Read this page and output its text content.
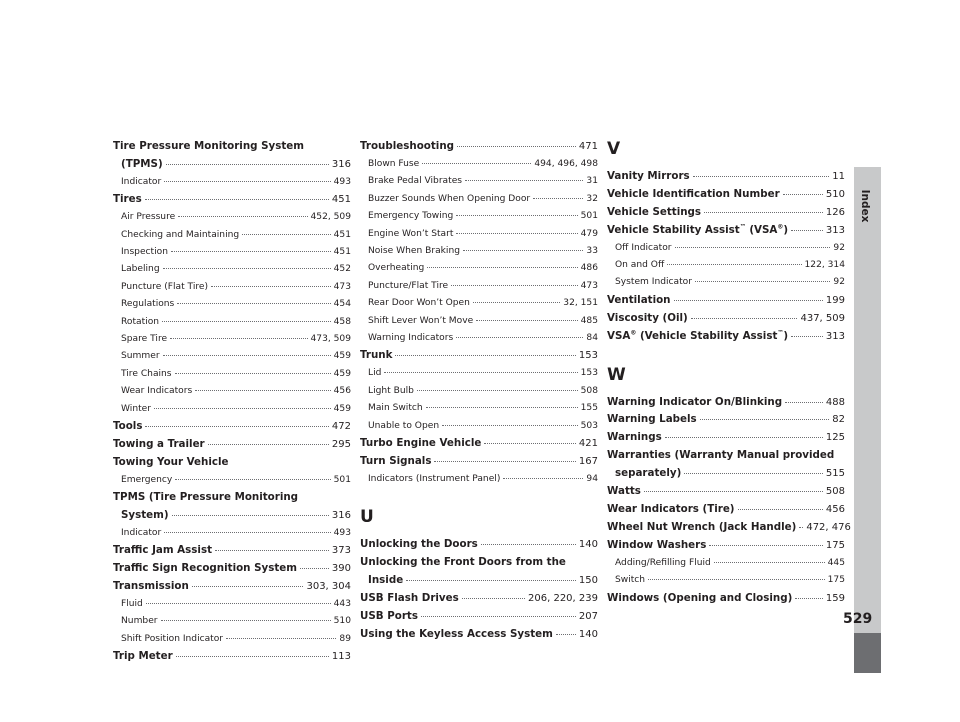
Tire Pressure Monitoring System
(TPMS)	316
Indicator	493
Tires	451
Air Pressure	452, 509
Checking and Maintaining	451
Inspection	451
Labeling	452
Puncture (Flat Tire)	473
Regulations	454
Rotation	458
Spare Tire	473, 509
Summer	459
Tire Chains	459
Wear Indicators	456
Winter	459
Tools	472
Towing a Trailer	295
Towing Your Vehicle
Emergency	501
TPMS (Tire Pressure Monitoring
System)	316
Indicator	493
Traffic Jam Assist	373
Traffic Sign Recognition System	390
Transmission	303, 304
Fluid	443
Number	510
Shift Position Indicator	89
Trip Meter	113
Troubleshooting	471
Blown Fuse	494, 496, 498
Brake Pedal Vibrates	31
Buzzer Sounds When Opening Door	32
Emergency Towing	501
Engine Won’t Start	479
Noise When Braking	33
Overheating	486
Puncture/Flat Tire	473
Rear Door Won’t Open	32, 151
Shift Lever Won’t Move	485
Warning Indicators	84
Trunk	153
Lid	153
Light Bulb	508
Main Switch	155
Unable to Open	503
Turbo Engine Vehicle	421
Turn Signals	167
Indicators (Instrument Panel)	94
U
Unlocking the Doors	140
Unlocking the Front Doors from the
Inside	150
USB Flash Drives	206, 220, 239
USB Ports	207
Using the Keyless Access System	140
V
Vanity Mirrors	11
Vehicle Identification Number	510
Vehicle Settings	126
Vehicle Stability Assist™ (VSA®)	313
Off Indicator	92
On and Off	122, 314
System Indicator	92
Ventilation	199
Viscosity (Oil)	437, 509
VSA® (Vehicle Stability Assist™)	313
W
Warning Indicator On/Blinking	488
Warning Labels	82
Warnings	125
Warranties (Warranty Manual provided
separately)	515
Watts	508
Wear Indicators (Tire)	456
Wheel Nut Wrench (Jack Handle) 472, 476
Window Washers	175
Adding/Refilling Fluid	445
Switch	175
Windows (Opening and Closing)	159
Index
529
